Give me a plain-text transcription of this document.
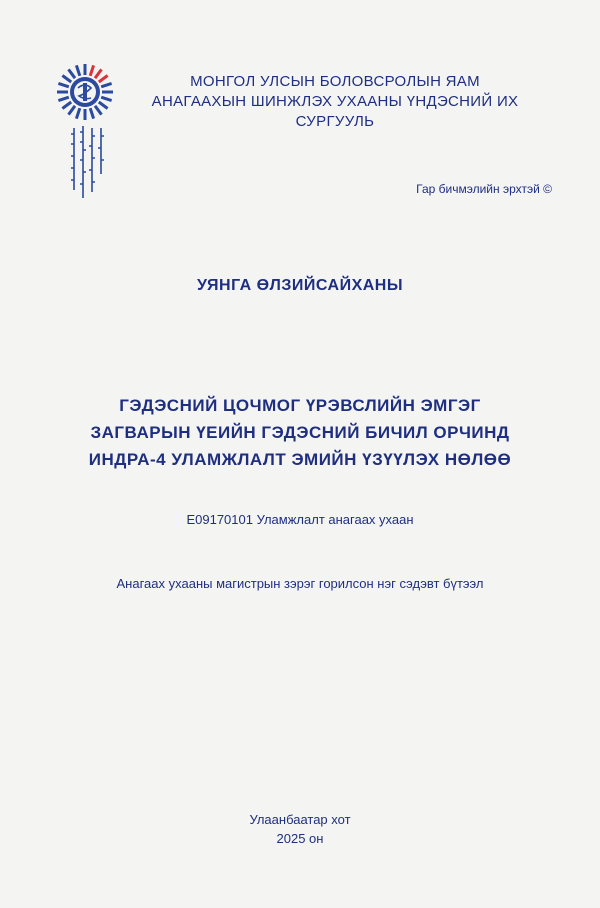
МОНГОЛ УЛСЫН БОЛОВСРОЛЫН ЯАМ
АНАГААХЫН ШИНЖЛЭХ УХААНЫ ҮНДЭСНИЙ ИХ СУРГУУЛЬ
Гар бичмэлийн эрхтэй ©
УЯНГА ӨЛЗИЙСАЙХАНЫ
ГЭДЭСНИЙ ЦОЧМОГ ҮРЭВСЛИЙН ЭМГЭГ
ЗАГВАРЫН ҮЕИЙН ГЭДЭСНИЙ БИЧИЛ ОРЧИНД
ИНДРА-4 УЛАМЖЛАЛТ ЭМИЙН ҮЗҮҮЛЭХ НӨЛӨӨ
E09170101 Уламжлалт анагаах ухаан
Анагаах ухааны магистрын зэрэг горилсон нэг сэдэвт бүтээл
Улаанбаатар хот
2025 он
